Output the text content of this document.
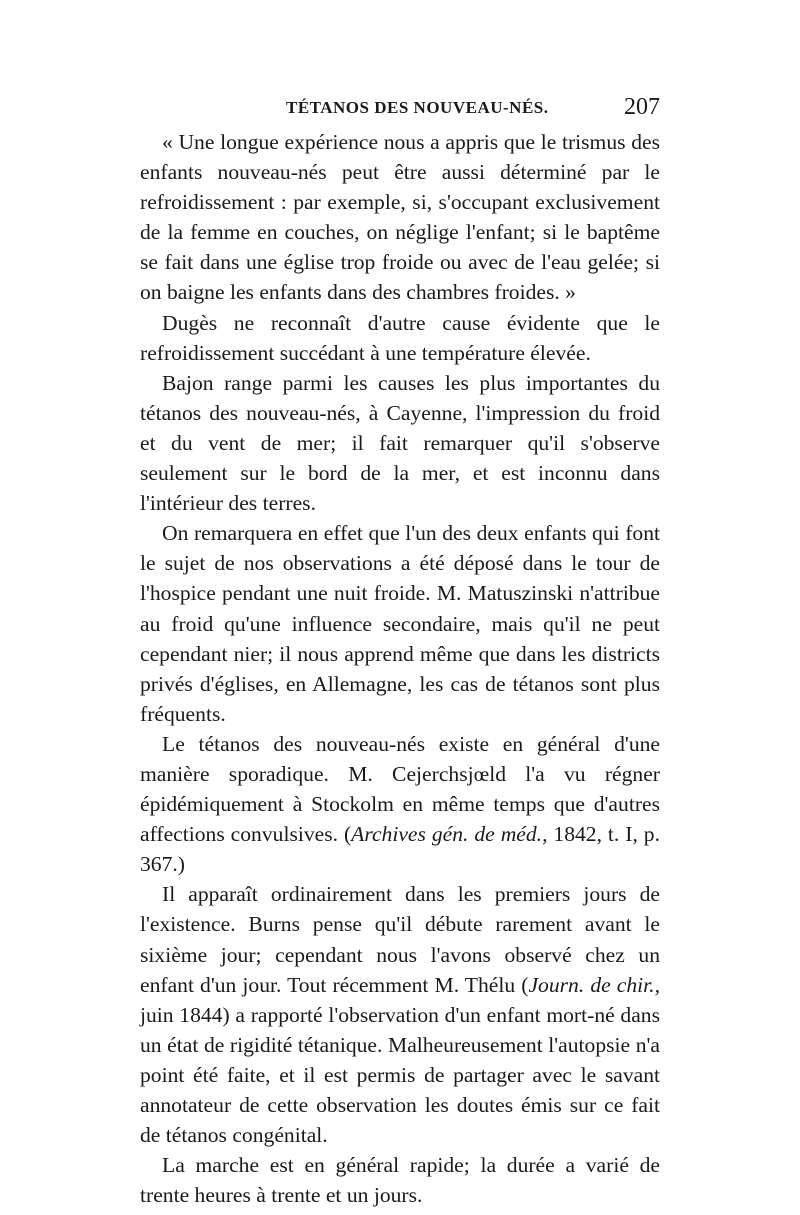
TÉTANOS DES NOUVEAU-NÉS.	207

« Une longue expérience nous a appris que le trismus des enfants nouveau-nés peut être aussi déterminé par le refroidissement : par exemple, si, s'occupant exclusivement de la femme en couches, on néglige l'enfant; si le baptême se fait dans une église trop froide ou avec de l'eau gelée; si on baigne les enfants dans des chambres froides. »

Dugès ne reconnaît d'autre cause évidente que le refroidissement succédant à une température élevée.

Bajon range parmi les causes les plus importantes du tétanos des nouveau-nés, à Cayenne, l'impression du froid et du vent de mer; il fait remarquer qu'il s'observe seulement sur le bord de la mer, et est inconnu dans l'intérieur des terres.

On remarquera en effet que l'un des deux enfants qui font le sujet de nos observations a été déposé dans le tour de l'hospice pendant une nuit froide. M. Matuszinski n'attribue au froid qu'une influence secondaire, mais qu'il ne peut cependant nier; il nous apprend même que dans les districts privés d'églises, en Allemagne, les cas de tétanos sont plus fréquents.

Le tétanos des nouveau-nés existe en général d'une manière sporadique. M. Cejerchsjœld l'a vu régner épidémiquement à Stockolm en même temps que d'autres affections convulsives. (Archives gén. de méd., 1842, t. I, p. 367.)

Il apparaît ordinairement dans les premiers jours de l'existence. Burns pense qu'il débute rarement avant le sixième jour; cependant nous l'avons observé chez un enfant d'un jour. Tout récemment M. Thélu (Journ. de chir., juin 1844) a rapporté l'observation d'un enfant mort-né dans un état de rigidité tétanique. Malheureusement l'autopsie n'a point été faite, et il est permis de partager avec le savant annotateur de cette observation les doutes émis sur ce fait de tétanos congénital.

La marche est en général rapide; la durée a varié de trente heures à trente et un jours.
